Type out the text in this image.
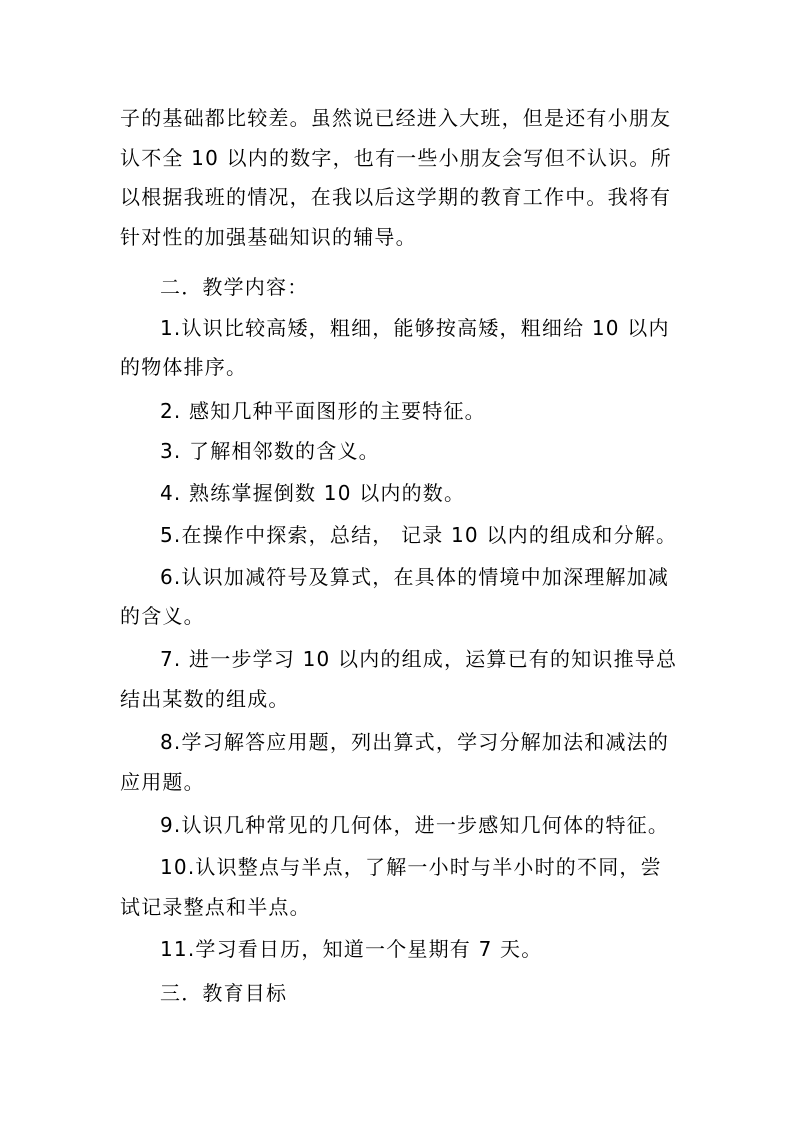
子的基础都比较差。虽然说已经进入大班，但是还有小朋友
认不全 10 以内的数字，也有一些小朋友会写但不认识。所
以根据我班的情况，在我以后这学期的教育工作中。我将有
针对性的加强基础知识的辅导。
二．教学内容：
1.认识比较高矮，粗细，能够按高矮，粗细给 10 以内
的物体排序。
2. 感知几种平面图形的主要特征。
3. 了解相邻数的含义。
4. 熟练掌握倒数 10 以内的数。
5.在操作中探索，总结， 记录 10 以内的组成和分解。
6.认识加减符号及算式，在具体的情境中加深理解加减
的含义。
7. 进一步学习 10 以内的组成，运算已有的知识推导总
结出某数的组成。
8.学习解答应用题，列出算式，学习分解加法和减法的
应用题。
9.认识几种常见的几何体，进一步感知几何体的特征。
10.认识整点与半点，了解一小时与半小时的不同，尝
试记录整点和半点。
11.学习看日历，知道一个星期有 7 天。
三．教育目标
